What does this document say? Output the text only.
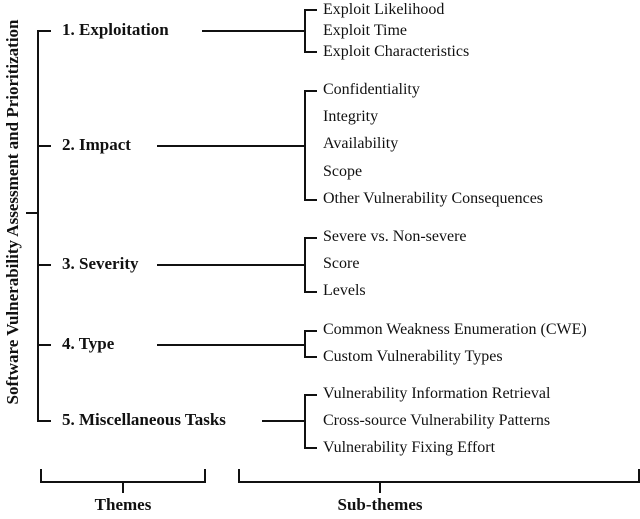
Software Vulnerability Assessment and Prioritization 1. Exploitation
2. Impact
3. Severity
4. Type
5. Miscellaneous Tasks
Exploit Likelihood
Exploit Time
Exploit Characteristics
Confidentiality
Integrity
Availability
Scope
Other Vulnerability Consequences
Severe vs. Non-severe
Score
Levels
Common Weakness Enumeration (CWE)
Custom Vulnerability Types
Vulnerability Information Retrieval
Cross-source Vulnerability Patterns
Vulnerability Fixing Effort
Themes	Sub-themes
